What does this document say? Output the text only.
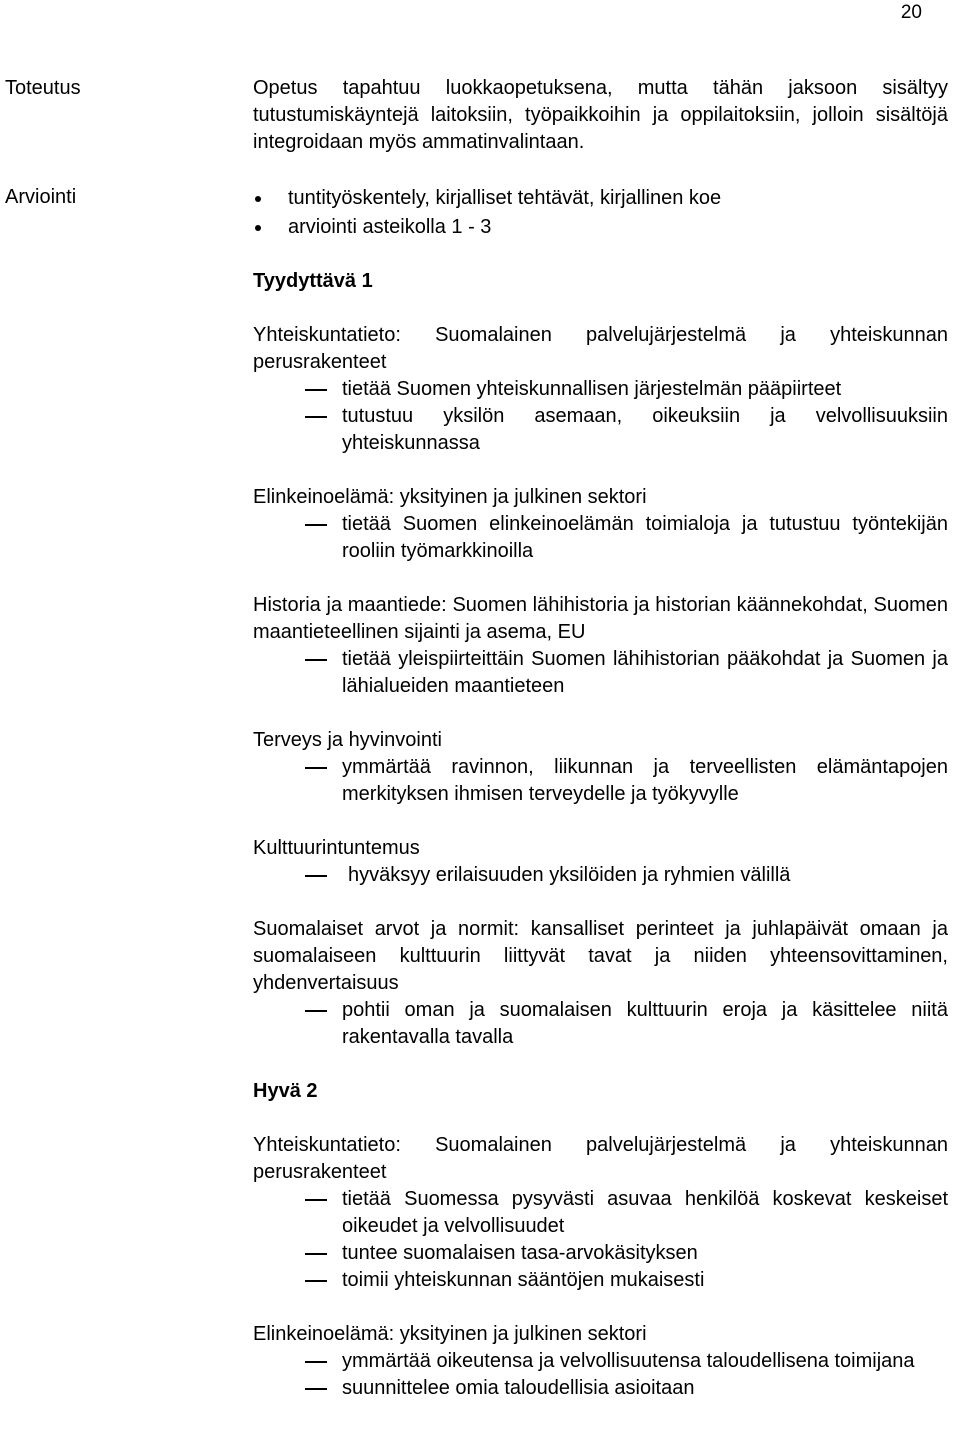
20
Toteutus	Opetus tapahtuu luokkaopetuksena, mutta tähän jaksoon sisältyy tutustumiskäyntejä laitoksiin, työpaikkoihin ja oppilaitoksiin, jolloin sisältöjä integroidaan myös ammatinvalintaan.

Arviointi	tuntityöskentely, kirjalliset tehtävät, kirjallinen koe
arviointi asteikolla 1 - 3
Tyydyttävä 1

Yhteiskuntatieto: Suomalainen palvelujärjestelmä ja yhteiskunnan perusrakenteet

tietää Suomen yhteiskunnallisen järjestelmän pääpiirteet
tutustuu yksilön asemaan, oikeuksiin ja velvollisuuksiin yhteiskunnassa

Elinkeinoelämä: yksityinen ja julkinen sektori

tietää Suomen elinkeinoelämän toimialoja ja tutustuu työntekijän rooliin työmarkkinoilla

Historia ja maantiede: Suomen lähihistoria ja historian käännekohdat, Suomen maantieteellinen sijainti ja asema, EU

tietää yleispiirteittäin Suomen lähihistorian pääkohdat ja Suomen ja lähialueiden maantieteen

Terveys ja hyvinvointi

ymmärtää ravinnon, liikunnan ja terveellisten elämäntapojen merkityksen ihmisen terveydelle ja työkyvylle

Kulttuurintuntemus

hyväksyy erilaisuuden yksilöiden ja ryhmien välillä

Suomalaiset arvot ja normit: kansalliset perinteet ja juhlapäivät omaan ja suomalaiseen kulttuurin liittyvät tavat ja niiden yhteensovittaminen, yhdenvertaisuus

pohtii oman ja suomalaisen kulttuurin eroja ja käsittelee niitä rakentavalla tavalla
Hyvä 2

Yhteiskuntatieto: Suomalainen palvelujärjestelmä ja yhteiskunnan perusrakenteet

tietää Suomessa pysyvästi asuvaa henkilöä koskevat keskeiset oikeudet ja velvollisuudet
tuntee suomalaisen tasa-arvokäsityksen
toimii yhteiskunnan sääntöjen mukaisesti

Elinkeinoelämä: yksityinen ja julkinen sektori

ymmärtää oikeutensa ja velvollisuutensa taloudellisena toimijana
suunnittelee omia taloudellisia asioitaan
